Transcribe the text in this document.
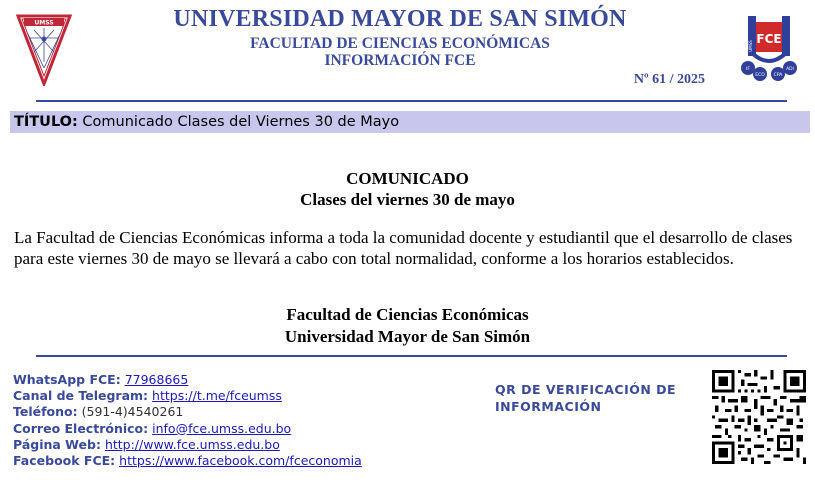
UMSS	UNIVERSIDAD MAYOR DE SAN SIMÓN
FACULTAD DE CIENCIAS ECONÓMICAS
INFORMACIÓN FCE
Nº 61 / 2025
FCE
UMSS
ECO
ADI
CPA
IF
TÍTULO: Comunicado Clases del Viernes 30 de Mayo
COMUNICADO
Clases del viernes 30 de mayo
La Facultad de Ciencias Económicas informa a toda la comunidad docente y estudiantil que el desarrollo de clases para este viernes 30 de mayo se llevará a cabo con total normalidad, conforme a los horarios establecidos.
Facultad de Ciencias Económicas
Universidad Mayor de San Simón
WhatsApp FCE: 77968665
Canal de Telegram: https://t.me/fceumss
Teléfono: (591-4)4540261
Correo Electrónico: info@fce.umss.edu.bo
Página Web: http://www.fce.umss.edu.bo
Facebook FCE: https://www.facebook.com/fceconomia
QR DE VERIFICACIÓN DE INFORMACIÓN
